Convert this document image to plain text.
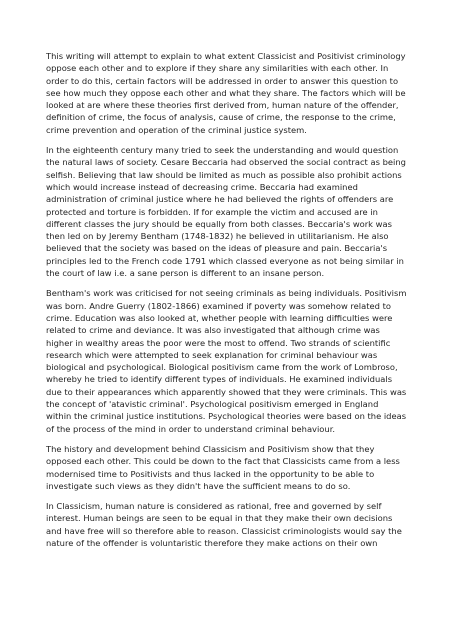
This writing will attempt to explain to what extent Classicist and Positivist criminology
oppose each other and to explore if they share any similarities with each other. In
order to do this, certain factors will be addressed in order to answer this question to
see how much they oppose each other and what they share. The factors which will be
looked at are where these theories first derived from, human nature of the offender,
definition of crime, the focus of analysis, cause of crime, the response to the crime,
crime prevention and operation of the criminal justice system.

In the eighteenth century many tried to seek the understanding and would question
the natural laws of society. Cesare Beccaria had observed the social contract as being
selfish. Believing that law should be limited as much as possible also prohibit actions
which would increase instead of decreasing crime. Beccaria had examined
administration of criminal justice where he had believed the rights of offenders are
protected and torture is forbidden. If for example the victim and accused are in
different classes the jury should be equally from both classes. Beccaria's work was
then led on by Jeremy Bentham (1748-1832) he believed in utilitarianism. He also
believed that the society was based on the ideas of pleasure and pain. Beccaria's
principles led to the French code 1791 which classed everyone as not being similar in
the court of law i.e. a sane person is different to an insane person.

Bentham's work was criticised for not seeing criminals as being individuals. Positivism
was born. Andre Guerry (1802-1866) examined if poverty was somehow related to
crime. Education was also looked at, whether people with learning difficulties were
related to crime and deviance. It was also investigated that although crime was
higher in wealthy areas the poor were the most to offend. Two strands of scientific
research which were attempted to seek explanation for criminal behaviour was
biological and psychological. Biological positivism came from the work of Lombroso,
whereby he tried to identify different types of individuals. He examined individuals
due to their appearances which apparently showed that they were criminals. This was
the concept of 'atavistic criminal'. Psychological positivism emerged in England
within the criminal justice institutions. Psychological theories were based on the ideas
of the process of the mind in order to understand criminal behaviour.

The history and development behind Classicism and Positivism show that they
opposed each other. This could be down to the fact that Classicists came from a less
modernised time to Positivists and thus lacked in the opportunity to be able to
investigate such views as they didn't have the sufficient means to do so.

In Classicism, human nature is considered as rational, free and governed by self
interest. Human beings are seen to be equal in that they make their own decisions
and have free will so therefore able to reason. Classicist criminologists would say the
nature of the offender is voluntaristic therefore they make actions on their own
